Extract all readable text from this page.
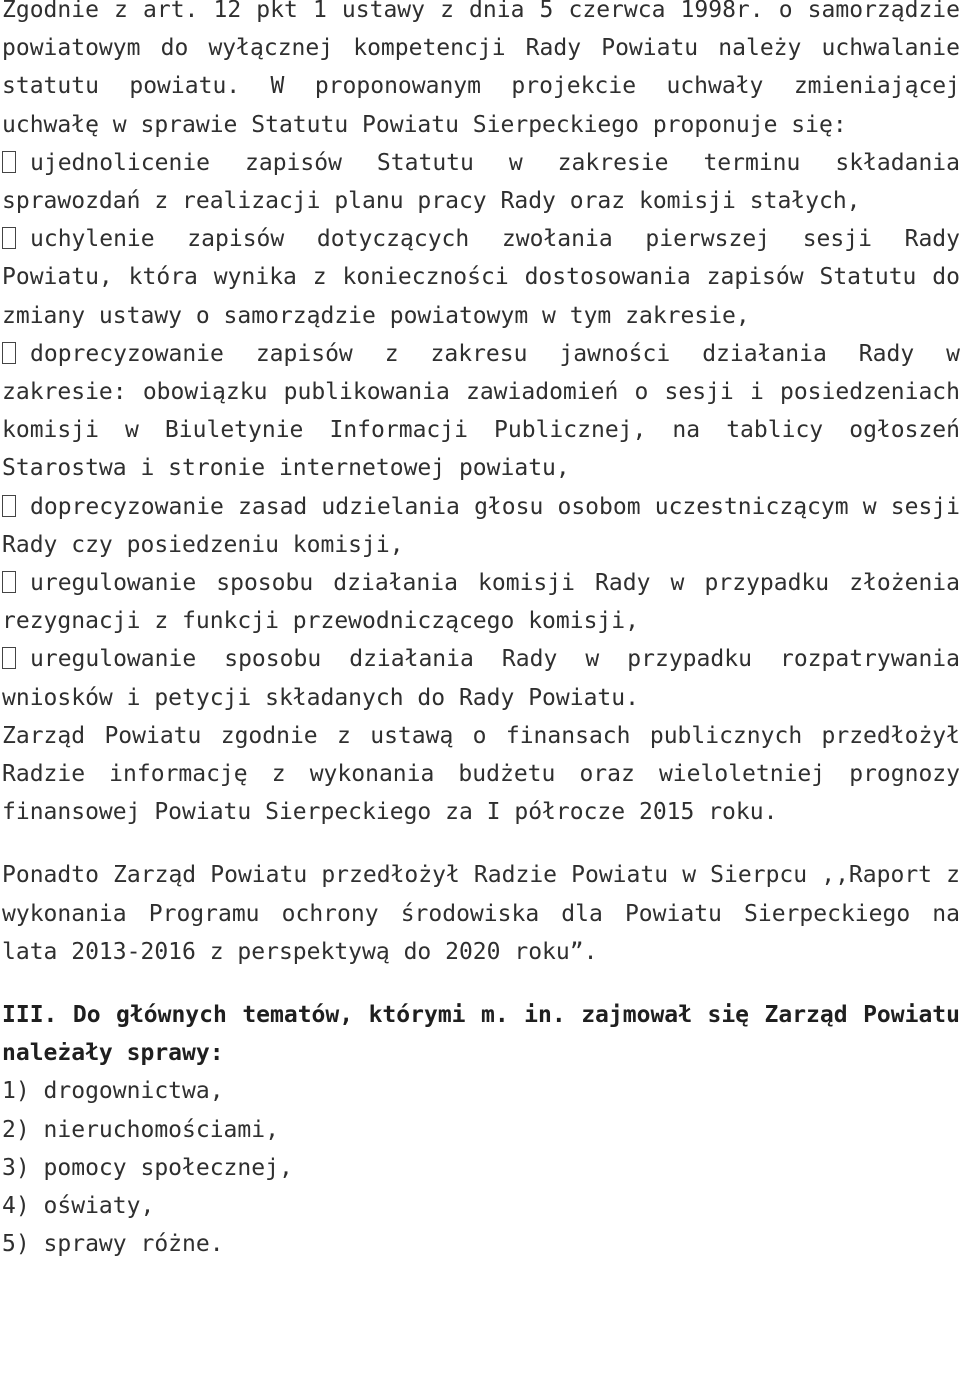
Zgodnie z art. 12 pkt 1 ustawy z dnia 5 czerwca 1998r. o samorządzie powiatowym do wyłącznej kompetencji Rady Powiatu należy uchwalanie statutu powiatu. W proponowanym projekcie uchwały zmieniającej uchwałę w sprawie Statutu Powiatu Sierpeckiego proponuje się:
ujednolicenie zapisów Statutu w zakresie terminu składania sprawozdań z realizacji planu pracy Rady oraz komisji stałych,
uchylenie zapisów dotyczących zwołania pierwszej sesji Rady Powiatu, która wynika z konieczności dostosowania zapisów Statutu do zmiany ustawy o samorządzie powiatowym w tym zakresie,
doprecyzowanie zapisów z zakresu jawności działania Rady w zakresie: obowiązku publikowania zawiadomień o sesji i posiedzeniach komisji w Biuletynie Informacji Publicznej, na tablicy ogłoszeń Starostwa i stronie internetowej powiatu,
doprecyzowanie zasad udzielania głosu osobom uczestniczącym w sesji Rady czy posiedzeniu komisji,
uregulowanie sposobu działania komisji Rady w przypadku złożenia rezygnacji z funkcji przewodniczącego komisji,
uregulowanie sposobu działania Rady w przypadku rozpatrywania wniosków i petycji składanych do Rady Powiatu.

Zarząd Powiatu zgodnie z ustawą o finansach publicznych przedłożył Radzie informację z wykonania budżetu oraz wieloletniej prognozy finansowej Powiatu Sierpeckiego za I półrocze 2015 roku.

Ponadto Zarząd Powiatu przedłożył Radzie Powiatu w Sierpcu ,,Raport z wykonania Programu ochrony środowiska dla Powiatu Sierpeckiego na lata 2013-2016 z perspektywą do 2020 roku”.

III. Do głównych tematów, którymi m. in. zajmował się Zarząd Powiatu należały sprawy:

1) drogownictwa,

2) nieruchomościami,

3) pomocy społecznej,

4) oświaty,

5) sprawy różne.
